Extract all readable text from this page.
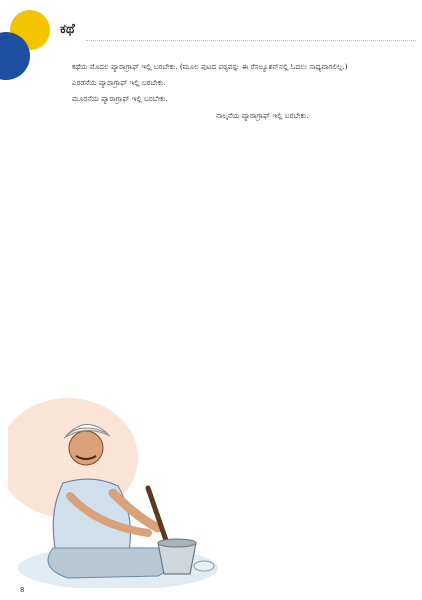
ಕಥೆ

ಕಥೆಯ ಮೊದಲ ಪ್ಯಾರಾಗ್ರಾಫ್ ಇಲ್ಲಿ ಬರಬೇಕು. (ಮೂಲ ಪುಟದ ಪಠ್ಯವನ್ನು ಈ ರೆಸಲ್ಯೂಶನ್‌ನಲ್ಲಿ ಓದಲು ಸಾಧ್ಯವಾಗಲಿಲ್ಲ.)

ಎರಡನೆಯ ಪ್ಯಾರಾಗ್ರಾಫ್ ಇಲ್ಲಿ ಬರಬೇಕು.

ಮೂರನೆಯ ಪ್ಯಾರಾಗ್ರಾಫ್ ಇಲ್ಲಿ ಬರಬೇಕು.

ನಾಲ್ಕನೆಯ ಪ್ಯಾರಾಗ್ರಾಫ್ ಇಲ್ಲಿ ಬರಬೇಕು.

8
